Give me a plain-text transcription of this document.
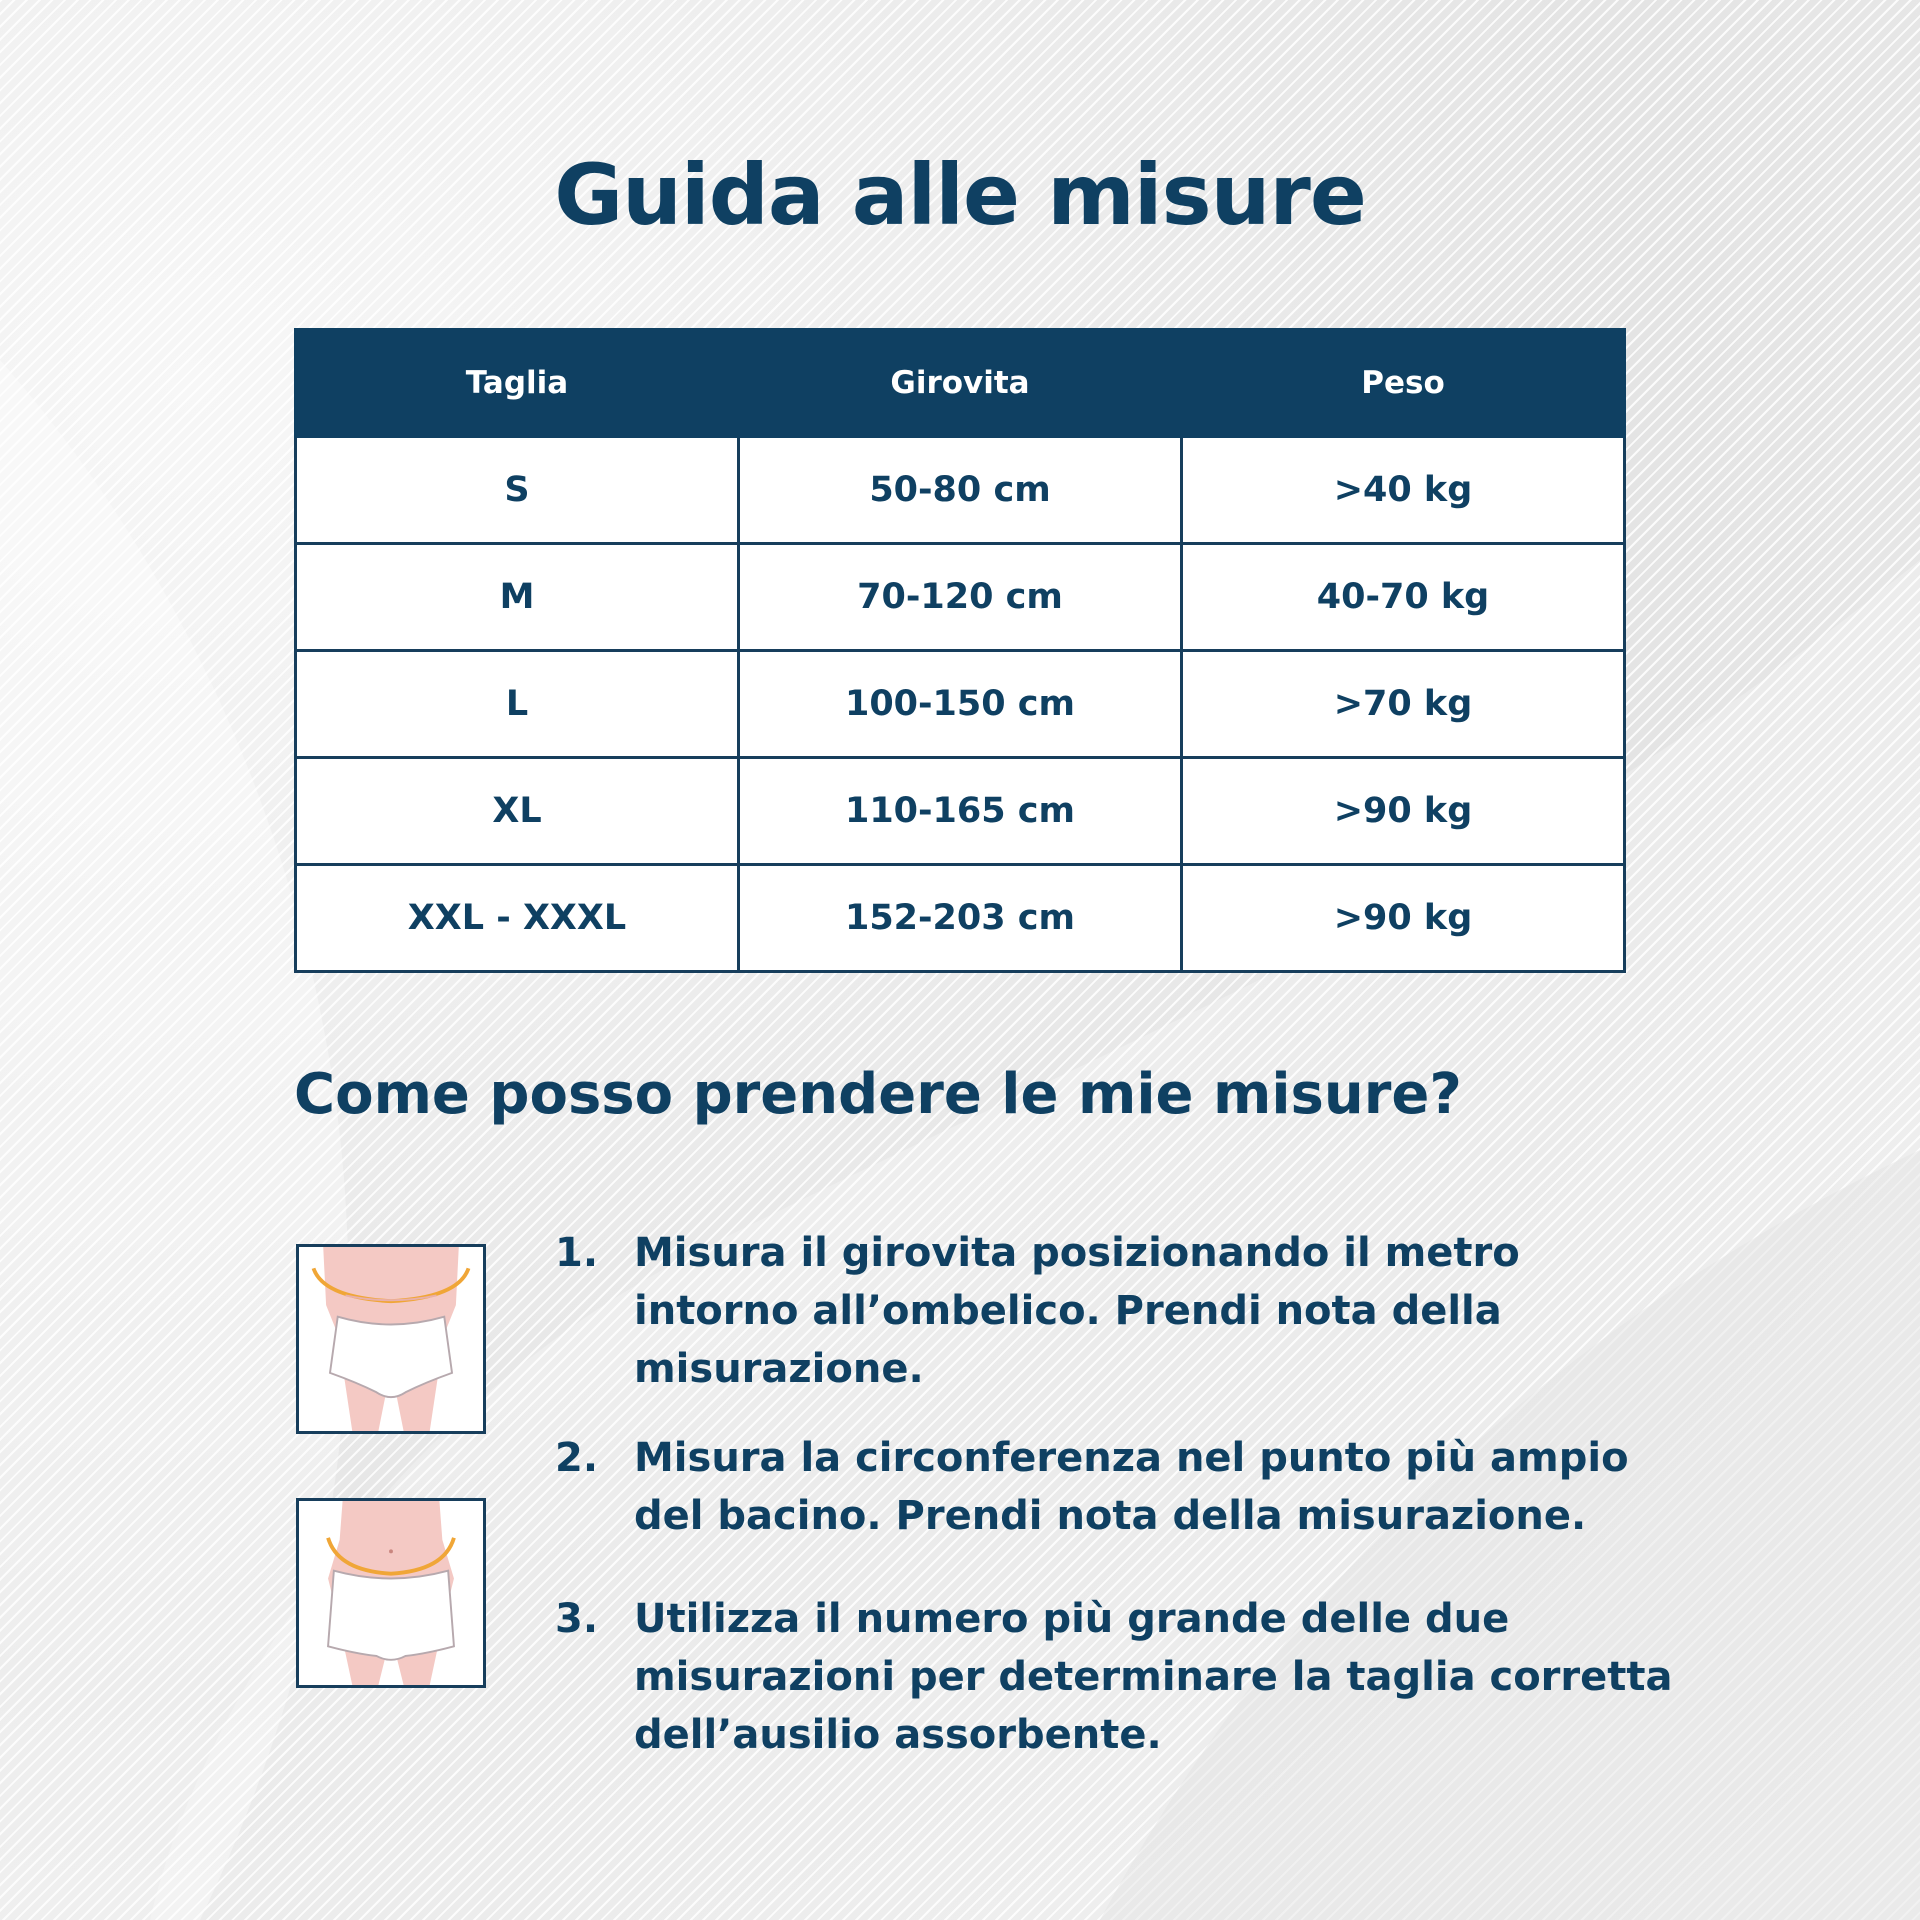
Guida alle misure
Taglia	Girovita	Peso
S	50-80 cm	>40 kg
M	70-120 cm	40-70 kg
L	100-150 cm	>70 kg
XL	110-165 cm	>90 kg
XXL - XXXL	152-203 cm	>90 kg
Come posso prendere le mie misure?
1. Misura il girovita posizionando il metro intorno all’ombelico. Prendi nota della misurazione.
2. Misura la circonferenza nel punto più ampio del bacino. Prendi nota della misurazione.
3. Utilizza il numero più grande delle due misurazioni per determinare la taglia corretta dell’ausilio assorbente.
